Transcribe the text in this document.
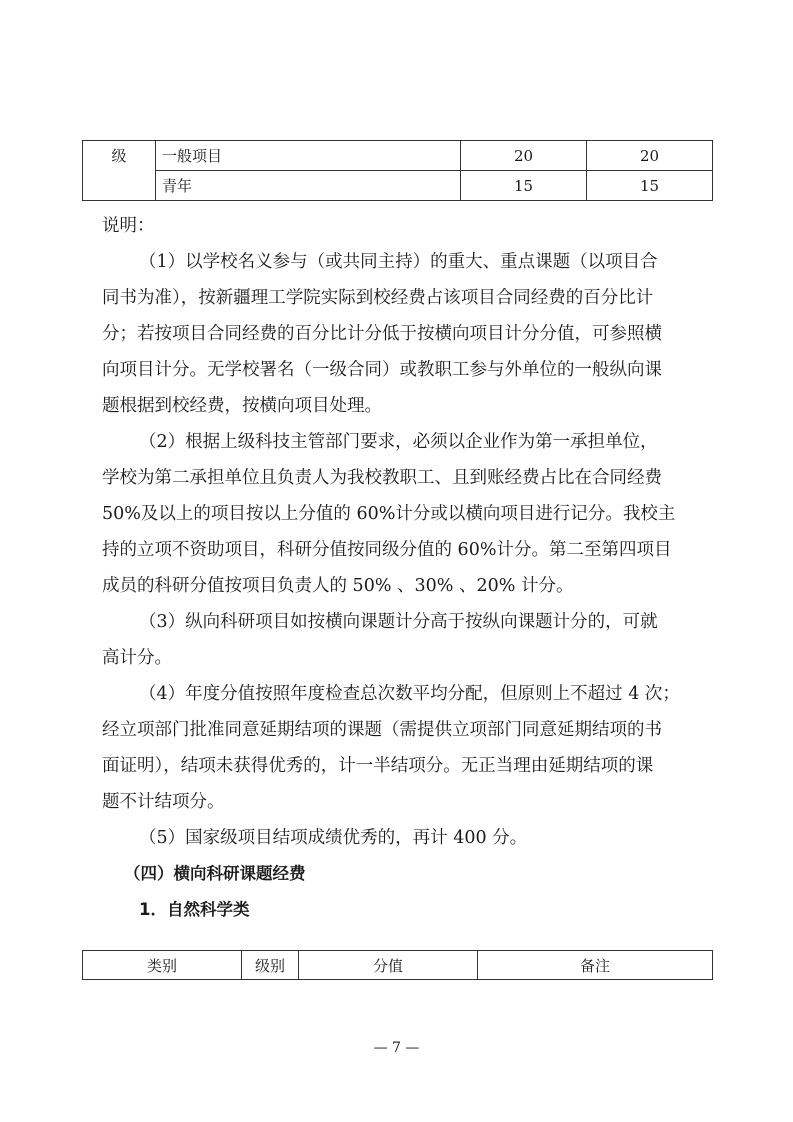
级	一般项目	20	20
	青年	15	15
说明：
（1）以学校名义参与（或共同主持）的重大、重点课题（以项目合
同书为准），按新疆理工学院实际到校经费占该项目合同经费的百分比计
分；若按项目合同经费的百分比计分低于按横向项目计分分值，可参照横
向项目计分。无学校署名（一级合同）或教职工参与外单位的一般纵向课
题根据到校经费，按横向项目处理。
（2）根据上级科技主管部门要求，必须以企业作为第一承担单位，
学校为第二承担单位且负责人为我校教职工、且到账经费占比在合同经费
50%及以上的项目按以上分值的 60%计分或以横向项目进行记分。我校主
持的立项不资助项目，科研分值按同级分值的 60%计分。第二至第四项目
成员的科研分值按项目负责人的 50% 、30% 、20% 计分。
（3）纵向科研项目如按横向课题计分高于按纵向课题计分的，可就
高计分。
（4）年度分值按照年度检查总次数平均分配，但原则上不超过 4 次；
经立项部门批准同意延期结项的课题（需提供立项部门同意延期结项的书
面证明），结项未获得优秀的，计一半结项分。无正当理由延期结项的课
题不计结项分。
（5）国家级项目结项成绩优秀的，再计 400 分。
（四）横向科研课题经费
1．自然科学类
类别	级别	分值	备注
— 7 —
